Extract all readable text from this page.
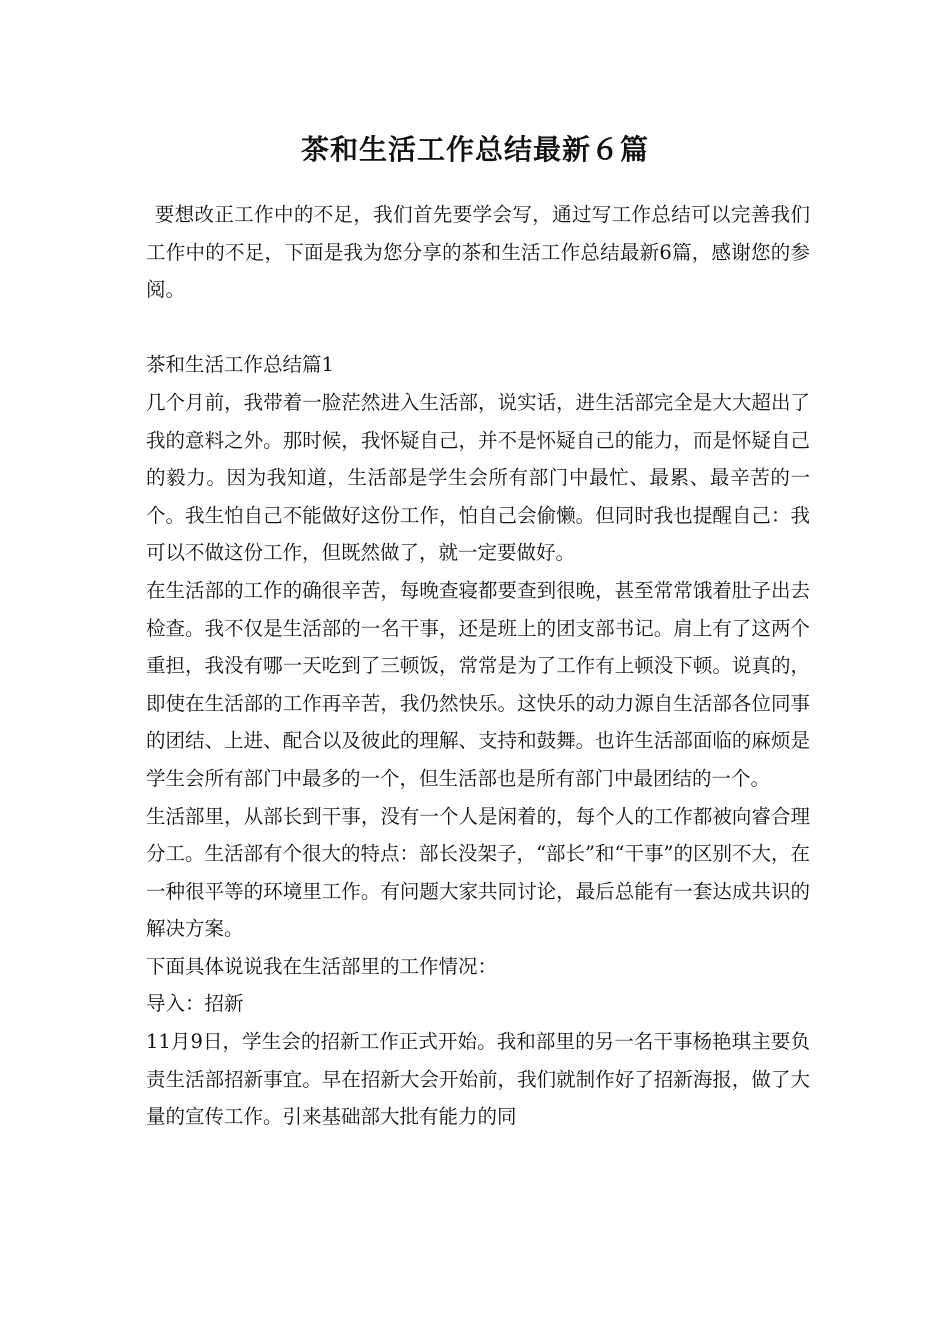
茶和生活工作总结最新６篇

要想改正工作中的不足，我们首先要学会写，通过写工作总结可以完善我们工作中的不足，下面是我为您分享的茶和生活工作总结最新6篇，感谢您的参阅。

茶和生活工作总结篇1

几个月前，我带着一脸茫然进入生活部，说实话，进生活部完全是大大超出了我的意料之外。那时候，我怀疑自己，并不是怀疑自己的能力，而是怀疑自己的毅力。因为我知道，生活部是学生会所有部门中最忙、最累、最辛苦的一个。我生怕自己不能做好这份工作，怕自己会偷懒。但同时我也提醒自己：我可以不做这份工作，但既然做了，就一定要做好。

在生活部的工作的确很辛苦，每晚查寝都要查到很晚，甚至常常饿着肚子出去检查。我不仅是生活部的一名干事，还是班上的团支部书记。肩上有了这两个重担，我没有哪一天吃到了三顿饭，常常是为了工作有上顿没下顿。说真的，即使在生活部的工作再辛苦，我仍然快乐。这快乐的动力源自生活部各位同事的团结、上进、配合以及彼此的理解、支持和鼓舞。也许生活部面临的麻烦是学生会所有部门中最多的一个，但生活部也是所有部门中最团结的一个。

生活部里，从部长到干事，没有一个人是闲着的，每个人的工作都被向睿合理分工。生活部有个很大的特点：部长没架子，“部长”和“干事”的区别不大，在一种很平等的环境里工作。有问题大家共同讨论，最后总能有一套达成共识的解决方案。

下面具体说说我在生活部里的工作情况：

导入：招新

11月9日，学生会的招新工作正式开始。我和部里的另一名干事杨艳琪主要负责生活部招新事宜。早在招新大会开始前，我们就制作好了招新海报，做了大量的宣传工作。引来基础部大批有能力的同
